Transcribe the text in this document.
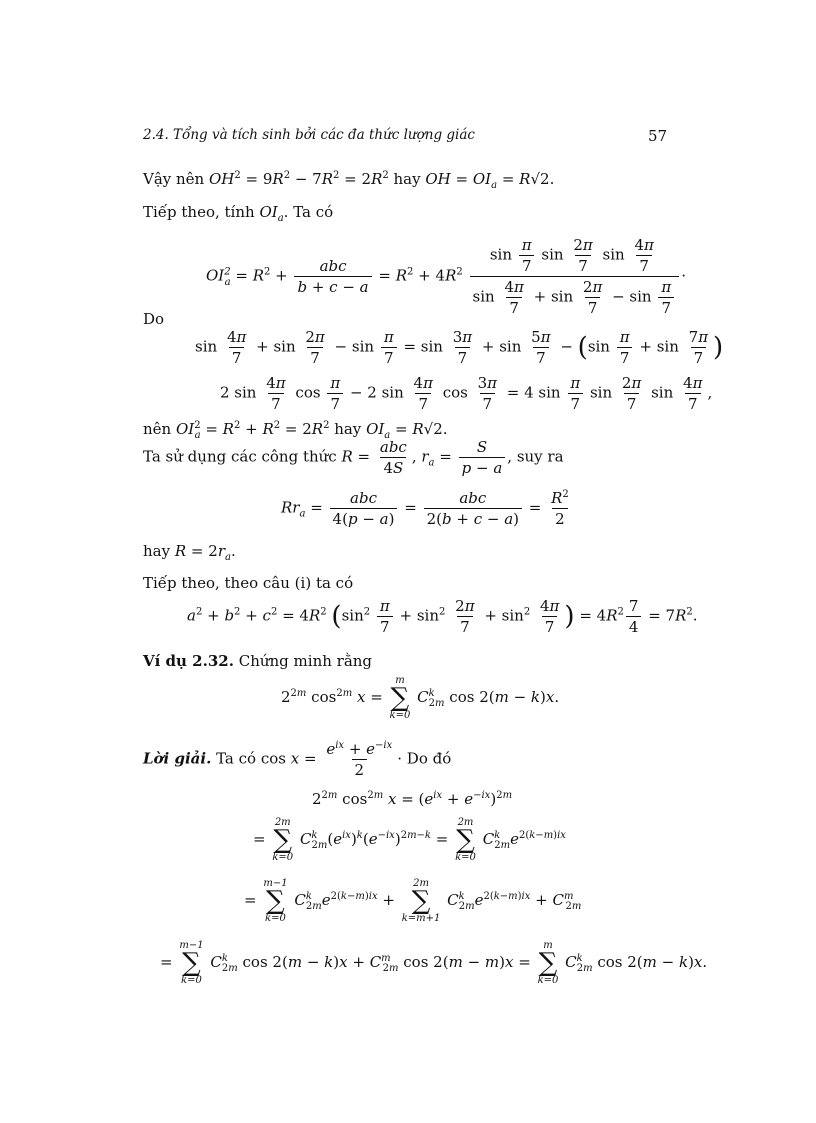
2.4. Tổng và tích sinh bởi các đa thức lượng giác	57
Vậy nên $OH^2 = 9R^2 - 7R^2 = 2R^2$ hay OH = $OI_a = R√2$.
Tiếp theo, tính $OI_a$. Ta có
$OI^2_a = R^2 + \frac{\text{abc}}{b + c - a} = R^2 + 4R^2 \frac{\sin \frac{\pi}{7} \sin \frac{2\pi}{7} \sin \frac{4\pi}{7}}{\sin \frac{4\pi}{7} + \sin \frac{2\pi}{7} - \sin \frac{\pi}{7}}$ ·
Do
$\sin \frac{4\pi}{7} + \sin \frac{2\pi}{7} - \sin \frac{\pi}{7} = \sin \frac{3\pi}{7} + \sin \frac{5\pi}{7} - (\sin \frac{\pi}{7} + \sin \frac{7\pi}{7}$ )
2 $\sin \frac{4\pi}{7}$ $\cos \frac{\pi}{7} - 2$ $\sin \frac{4\pi}{7}$ $\cos \frac{3\pi}{7} = 4$ $\sin \frac{\pi}{7}$ $\sin \frac{2\pi}{7}$ $\sin \frac{4\pi}{7}$ ,
nên $OI^2_a = R^2 + R^2 = 2R^2$ hay $OI_a = R√2$.
Ta sử dụng các công thức $R = \frac{\text{abc}}{4S}$ , $r_a = \frac{S}{p - a}$ , suy ra
$Rr_a = \frac{\text{abc}}{4(p - a)} = \frac{\text{abc}}{2(b + c - a)} = \frac{R^2}{2}$
hay $R = 2r_a$.
Tiếp theo, theo câu (i) ta có
$a^2 + b^2 + c^2 = 4R^2$ ($\sin^2 \frac{\pi}{7} + \sin^2 \frac{2\pi}{7} + \sin^2 \frac{4\pi}{7}$ ) = $4R^2 \frac{7}{4} = 7R^2$.
Ví dụ 2.32. Chứng minh rằng
$2^{2m}$ $\cos^{2m} x$ =
m
∑
k=0
$C^k_{2m}$ cos 2(m − k)x.
Lời giải. Ta có $\cos x = \frac{e^{ix} + e^{-ix}}{2} \cdot Do$ đó
$2^{2m}$ $\cos^{2m} x = (e^{ix} + e^{-ix})^{2m}$
=
2m
∑
k=0
$C^k_{2m}(e^{ix})^k(e^{-ix})^{2m-k}$ =
2m
∑
k=0
$C^k_{2m}e^{2(k-m)ix}$
=
m−1
∑
k=0
$C^k_{2m}e^{2(k-m)ix}$ +
2m
∑
k=m+1
$C^k_{2m}e^{2(k-m)ix} + C^m_{2m}$
=
m−1
∑
k=0
$C^k_{2m}$ $\cos 2(m - k)x + C^m_{2m}$ cos 2(m − m)x =
m
∑
k=0
$C^k_{2m}$ cos 2(m − k)x.
